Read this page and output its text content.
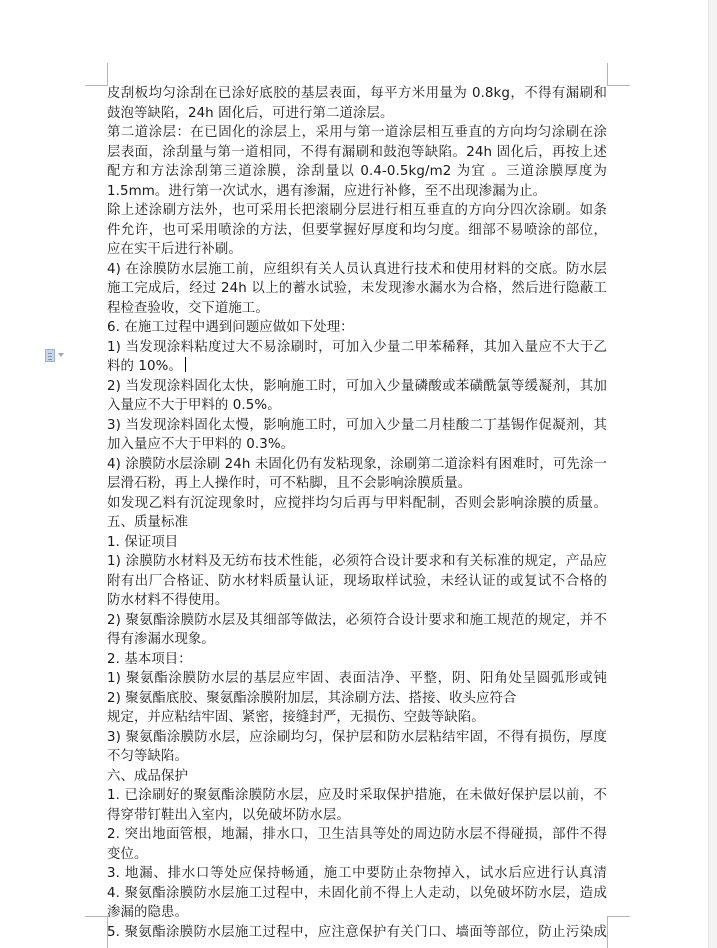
皮刮板均匀涂刮在已涂好底胶的基层表面，每平方米用量为 0.8kg，不得有漏刷和
鼓泡等缺陷，24h 固化后，可进行第二道涂层。
第二道涂层：在已固化的涂层上，采用与第一道涂层相互垂直的方向均匀涂刷在涂
层表面，涂刮量与第一道相同，不得有漏刷和鼓泡等缺陷。24h 固化后，再按上述
配方和方法涂刮第三道涂膜，涂刮量以 0.4-0.5kg/m2 为宜 。三道涂膜厚度为
1.5mm。进行第一次试水，遇有渗漏，应进行补修，至不出现渗漏为止。
除上述涂刷方法外，也可采用长把滚刷分层进行相互垂直的方向分四次涂刷。如条
件允许，也可采用喷涂的方法，但要掌握好厚度和均匀度。细部不易喷涂的部位，
应在实干后进行补刷。
4) 在涂膜防水层施工前，应组织有关人员认真进行技术和使用材料的交底。防水层
施工完成后，经过 24h 以上的蓄水试验，未发现渗水漏水为合格，然后进行隐蔽工
程检查验收，交下道施工。
6. 在施工过程中遇到问题应做如下处理：
1) 当发现涂料粘度过大不易涂刷时，可加入少量二甲苯稀释，其加入量应不大于乙
料的 10%。
2) 当发现涂料固化太快，影响施工时，可加入少量磷酸或苯磺酰氯等缓凝剂，其加
入量应不大于甲料的 0.5%。
3) 当发现涂料固化太慢，影响施工时，可加入少量二月桂酸二丁基锡作促凝剂，其
加入量应不大于甲料的 0.3%。
4) 涂膜防水层涂刷 24h 未固化仍有发粘现象，涂刷第二道涂料有困难时，可先涂一
层滑石粉，再上人操作时，可不粘脚，且不会影响涂膜质量。
如发现乙料有沉淀现象时，应搅拌均匀后再与甲料配制，否则会影响涂膜的质量。
五、质量标准
1. 保证项目
1) 涂膜防水材料及无纺布技术性能，必须符合设计要求和有关标准的规定，产品应
附有出厂合格证、防水材料质量认证，现场取样试验，未经认证的或复试不合格的
防水材料不得使用。
2) 聚氨酯涂膜防水层及其细部等做法，必须符合设计要求和施工规范的规定，并不
得有渗漏水现象。
2. 基本项目：
1) 聚氨酯涂膜防水层的基层应牢固、表面洁净、平整，阴、阳角处呈圆弧形或钝
2) 聚氨酯底胶、聚氨酯涂膜附加层，其涂刷方法、搭接、收头应符合
规定，并应粘结牢固、紧密，接缝封严，无损伤、空鼓等缺陷。
3) 聚氨酯涂膜防水层，应涂刷均匀，保护层和防水层粘结牢固，不得有损伤，厚度
不匀等缺陷。
六、成品保护
1. 已涂刷好的聚氨酯涂膜防水层，应及时采取保护措施，在未做好保护层以前，不
得穿带钉鞋出入室内，以免破坏防水层。
2. 突出地面管根，地漏，排水口，卫生洁具等处的周边防水层不得碰损，部件不得
变位。
3. 地漏、排水口等处应保持畅通，施工中要防止杂物掉入，试水后应进行认真清
4. 聚氨酯涂膜防水层施工过程中，未固化前不得上人走动，以免破坏防水层，造成
渗漏的隐患。
5. 聚氨酯涂膜防水层施工过程中，应注意保护有关门口、墙面等部位，防止污染成
